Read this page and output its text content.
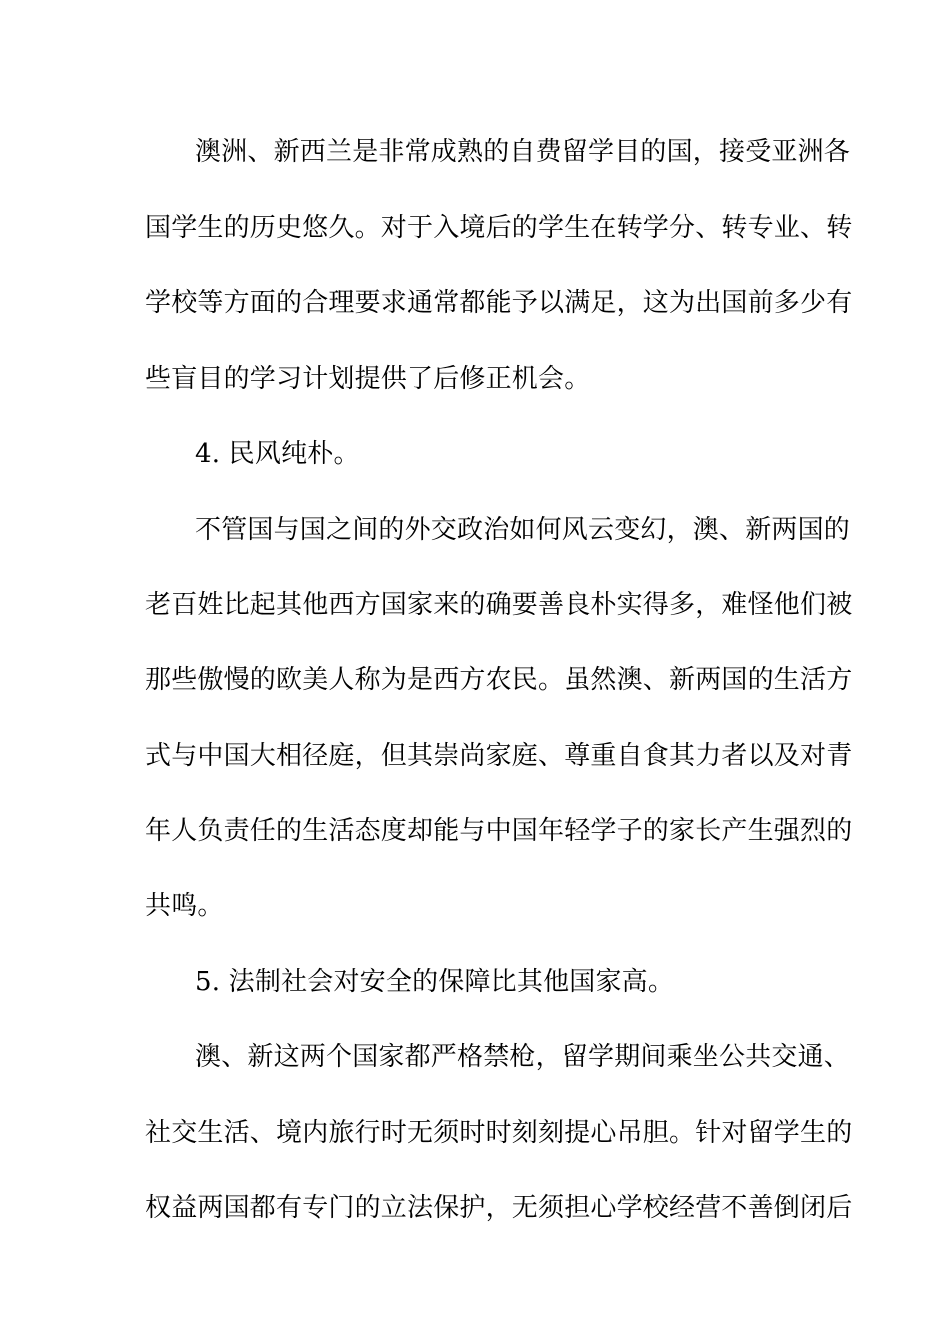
澳洲、新西兰是非常成熟的自费留学目的国，接受亚洲各
国学生的历史悠久。对于入境后的学生在转学分、转专业、转
学校等方面的合理要求通常都能予以满足，这为出国前多少有
些盲目的学习计划提供了后修正机会。
4. 民风纯朴。
不管国与国之间的外交政治如何风云变幻，澳、新两国的
老百姓比起其他西方国家来的确要善良朴实得多，难怪他们被
那些傲慢的欧美人称为是西方农民。虽然澳、新两国的生活方
式与中国大相径庭，但其崇尚家庭、尊重自食其力者以及对青
年人负责任的生活态度却能与中国年轻学子的家长产生强烈的
共鸣。
5. 法制社会对安全的保障比其他国家高。
澳、新这两个国家都严格禁枪，留学期间乘坐公共交通、
社交生活、境内旅行时无须时时刻刻提心吊胆。针对留学生的
权益两国都有专门的立法保护，无须担心学校经营不善倒闭后
